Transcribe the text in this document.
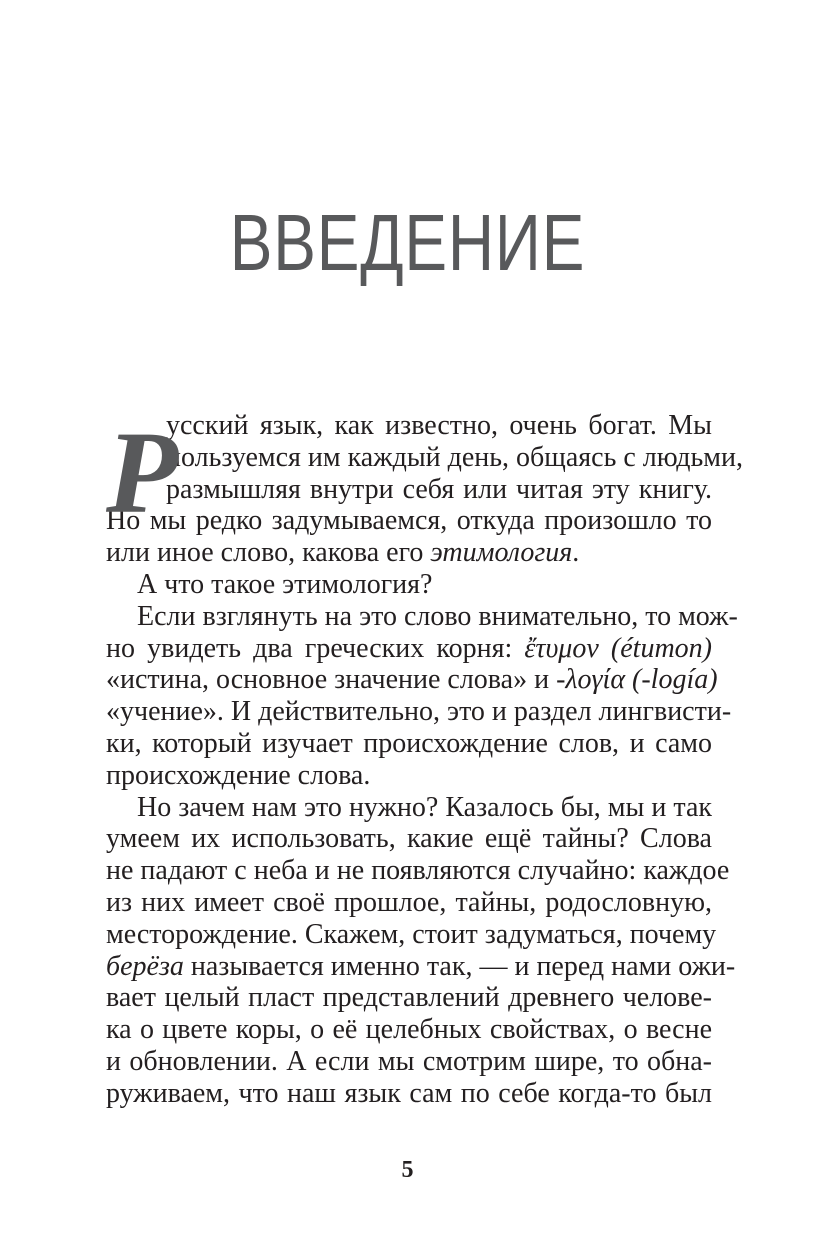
ВВЕДЕНИЕ
Р
усский язык, как известно, очень богат. Мы
пользуемся им каждый день, общаясь с людьми,
размышляя внутри себя или читая эту книгу.
Но мы редко задумываемся, откуда произошло то
или иное слово, какова его этимология.
А что такое этимология?
Если взглянуть на это слово внимательно, то мож-
но увидеть два греческих корня: ἔτυμον (étumon)
«истина, основное значение слова» и -λογία (-logía)
«учение». И действительно, это и раздел лингвисти-
ки, который изучает происхождение слов, и само
происхождение слова.
Но зачем нам это нужно? Казалось бы, мы и так
умеем их использовать, какие ещё тайны? Слова
не падают с неба и не появляются случайно: каждое
из них имеет своё прошлое, тайны, родословную,
месторождение. Скажем, стоит задуматься, почему
берёза называется именно так, — и перед нами ожи-
вает целый пласт представлений древнего челове-
ка о цвете коры, о её целебных свойствах, о весне
и обновлении. А если мы смотрим шире, то обна-
руживаем, что наш язык сам по себе когда-то был
5
